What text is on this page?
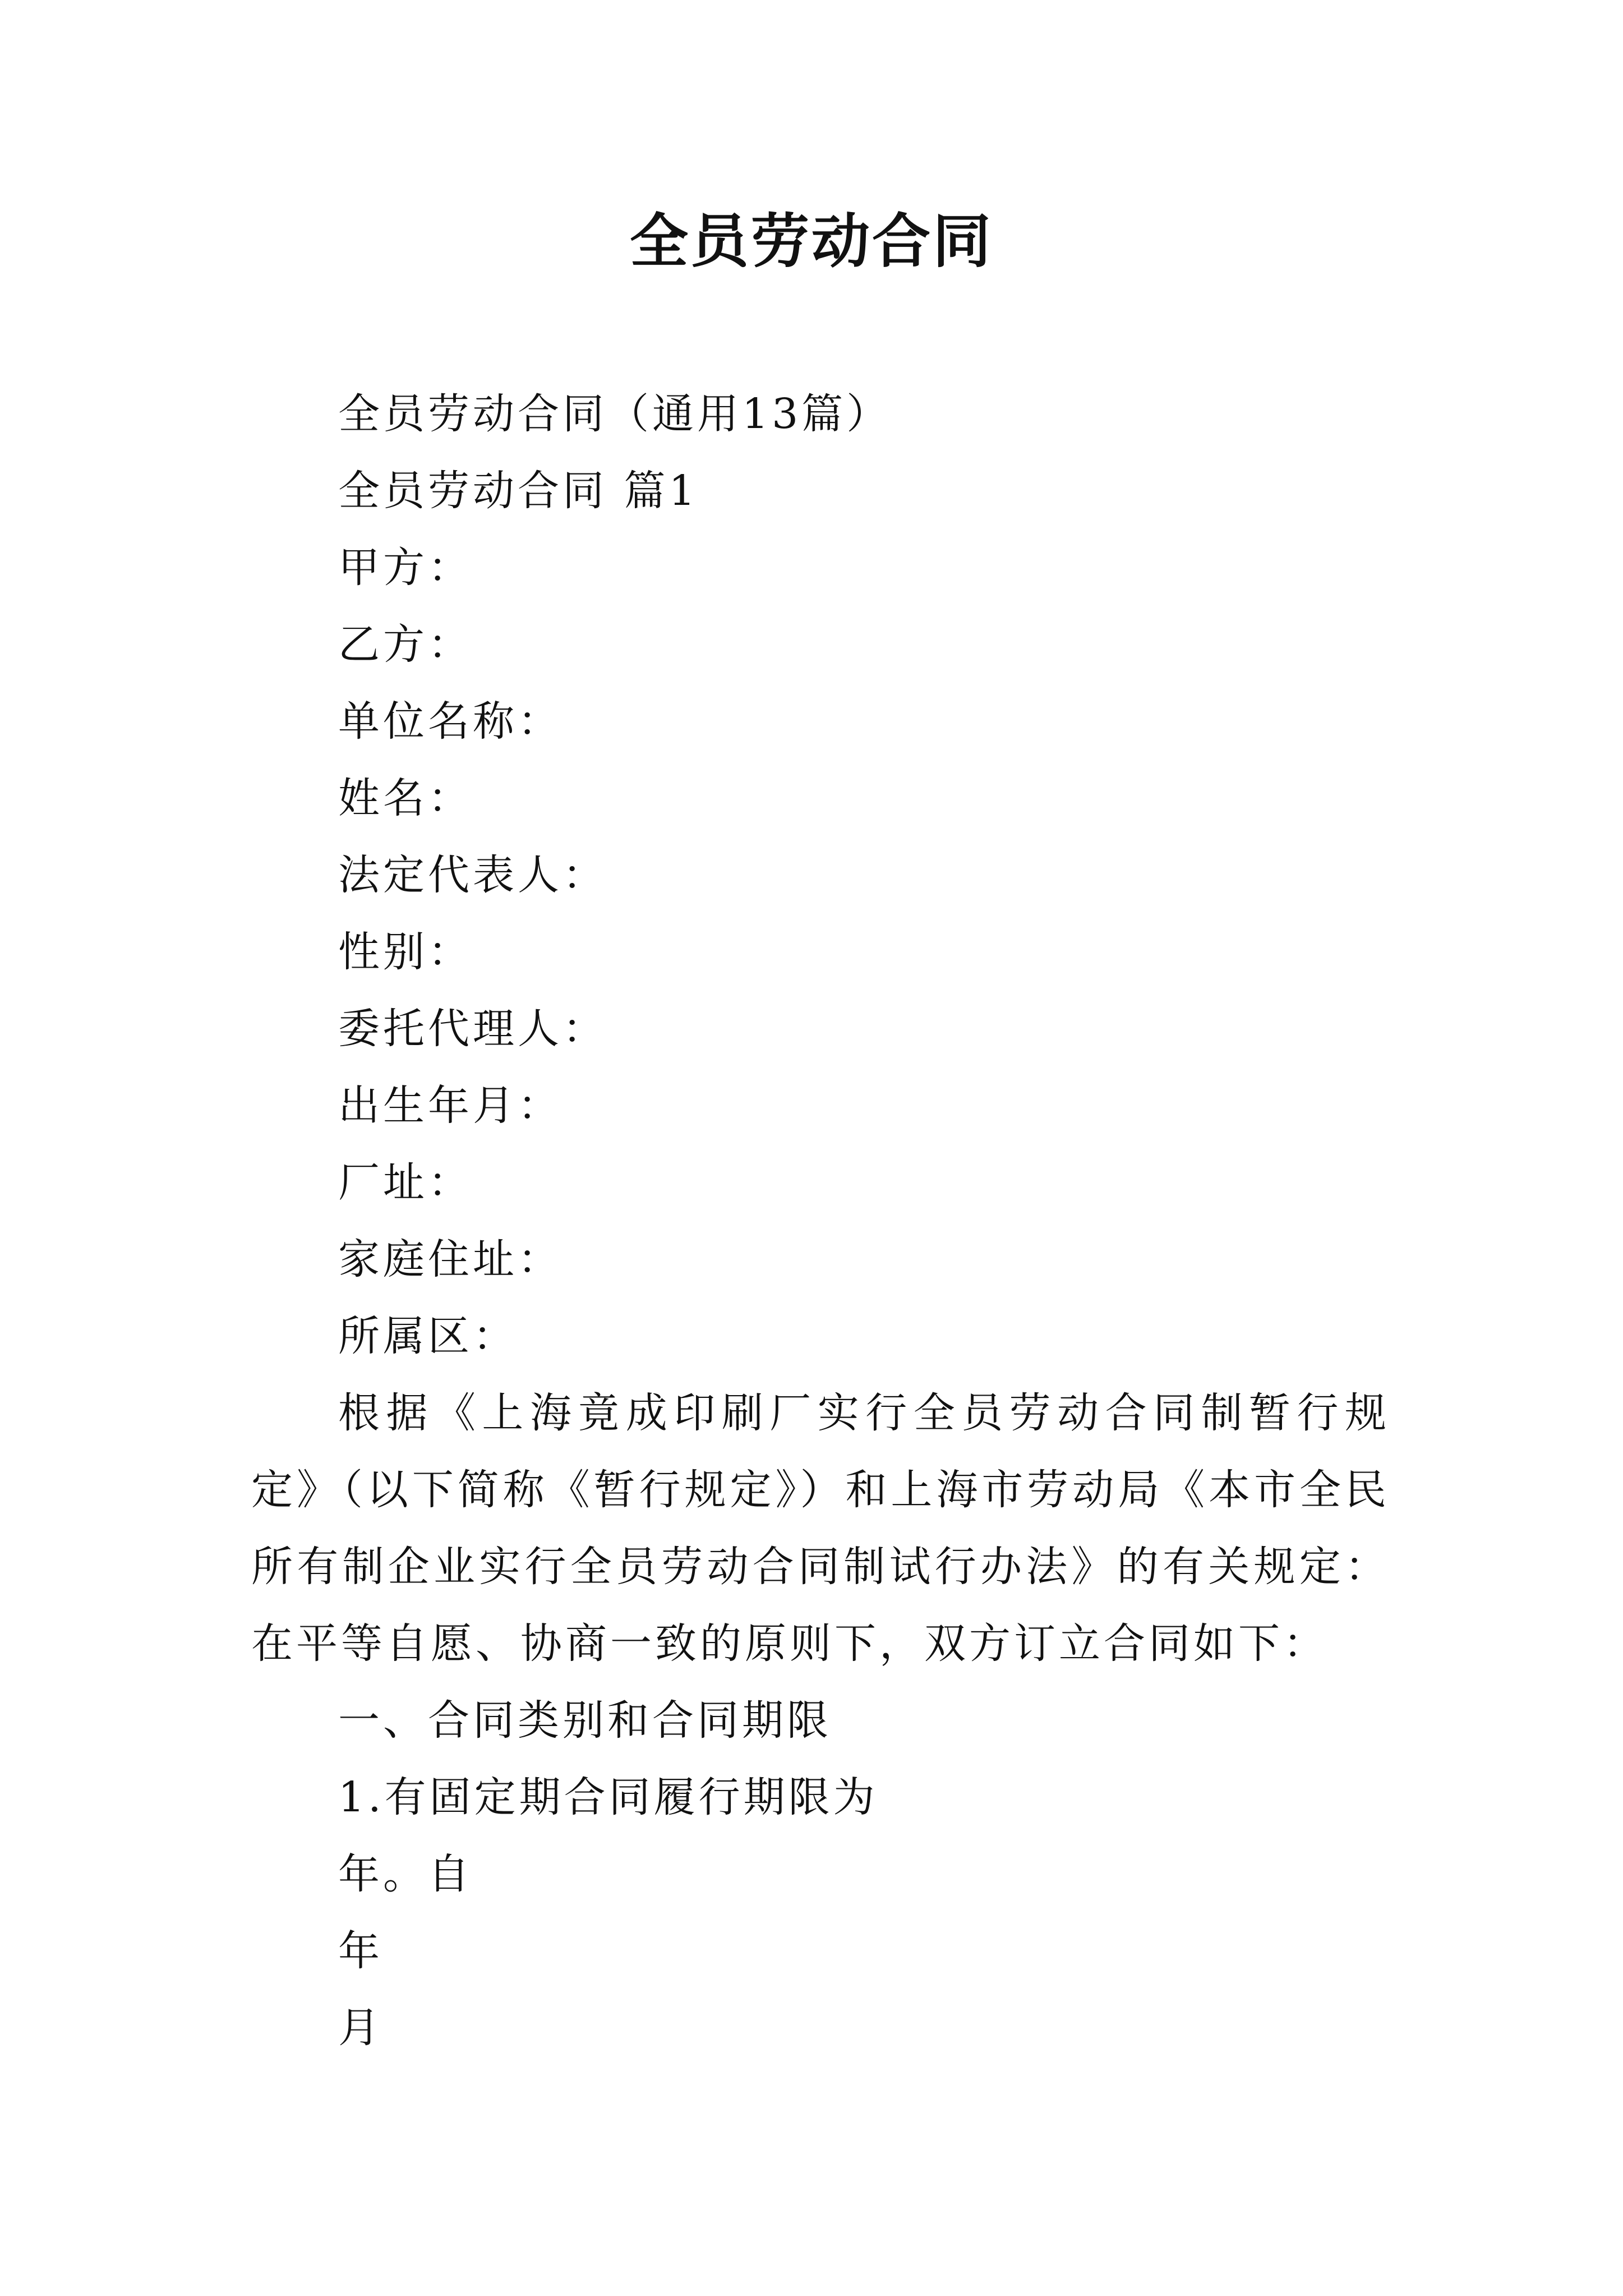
全员劳动合同
全员劳动合同（通用13篇）
全员劳动合同 篇1
甲方：
乙方：
单位名称：
姓名：
法定代表人：
性别：
委托代理人：
出生年月：
厂址：
家庭住址：
所属区：

根据《上海竟成印刷厂实行全员劳动合同制暂行规定》（以下简称《暂行规定》）和上海市劳动局《本市全民所有制企业实行全员劳动合同制试行办法》的有关规定：在平等自愿、协商一致的原则下，双方订立合同如下：

一、合同类别和合同期限
1.有固定期合同履行期限为
年。自
年
月
